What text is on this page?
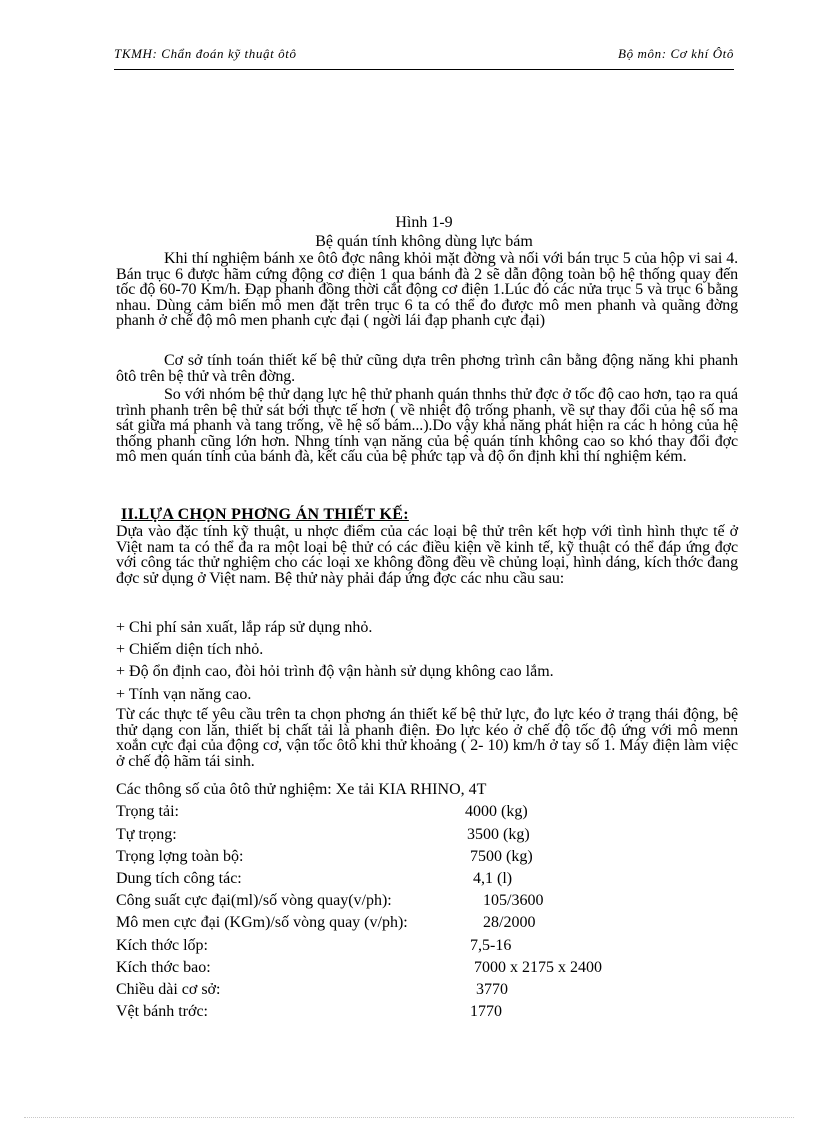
TKMH: Chẩn đoán kỹ thuật ôtô	Bộ môn: Cơ khí Ôtô
Hình 1-9
Bệ quán tính không dùng lực bám
Khi thí nghiệm bánh xe ôtô đợc nâng khỏi mặt đờng và nối với bán trục 5 của hộp vi sai 4. Bán trục 6 được hãm cứng động cơ điện 1 qua bánh đà 2 sẽ dẫn động toàn bộ hệ thống quay đến tốc độ 60-70 Km/h. Đạp phanh đồng thời cắt động cơ điện 1.Lúc đó các nửa trục 5 và trục 6 bằng nhau. Dùng cảm biến mô men đặt trên trục 6 ta có thể đo được mô men phanh và quãng đờng phanh ở chế độ mô men phanh cực đại ( ngời lái đạp phanh cực đại)
Cơ sở tính toán thiết kế bệ thử cũng dựa trên phơng trình cân bằng động năng khi phanh ôtô trên bệ thử và trên đờng.
So với nhóm bệ thử dạng lực hệ thử phanh quán thnhs thử đợc ở tốc độ cao hơn, tạo ra quá trình phanh trên bệ thử sát bới thực tế hơn ( về nhiệt độ trống phanh, về sự thay đổi của hệ số ma sát giữa má phanh và tang trống, về hệ số bám...).Do vậy khả năng phát hiện ra các h hỏng của hệ thống phanh cũng lớn hơn. Nhng tính vạn năng của bệ quán tính không cao so khó thay đổi đợc mô men quán tính của bánh đà, kết cấu của bệ phức tạp và độ ổn định khi thí nghiệm kém.
II.LỰA CHỌN PHƠNG ÁN THIẾT KẾ:
Dựa vào đặc tính kỹ thuật, u nhợc điểm của các loại bệ thử trên kết hợp với tình hình thực tế ở Việt nam ta có thể đa ra một loại bệ thử có các điều kiện về kinh tế, kỹ thuật có thể đáp ứng đợc với công tác thử nghiệm cho các loại xe không đồng đều về chủng loại, hình dáng, kích thớc đang đợc sử dụng ở Việt nam. Bệ thử này phải đáp ứng đợc các nhu cầu sau:
+ Chi phí sản xuất, lắp ráp sử dụng nhỏ.
+ Chiếm diện tích nhỏ.
+ Độ ổn định cao, đòi hỏi trình độ vận hành sử dụng không cao lắm.
+ Tính vạn năng cao.
Từ các thực tế yêu cầu trên ta chọn phơng án thiết kế bệ thử lực, đo lực kéo ở trạng thái động, bệ thử dạng con lăn, thiết bị chất tải là phanh điện. Đo lực kéo ở chế độ tốc độ ứng với mô menn xoắn cực đại của động cơ, vận tốc ôtô khi thử khoảng ( 2- 10) km/h ở tay số 1. Máy điện làm việc ở chế độ hãm tái sinh.
Các thông số của ôtô thử nghiệm: Xe tải KIA RHINO, 4T
Trọng tải:	4000 (kg)
Tự trọng:	3500 (kg)
Trọng lợng toàn bộ:	7500 (kg)
Dung tích công tác:	4,1 (l)
Công suất cực đại(ml)/số vòng quay(v/ph):	105/3600
Mô men cực đại (KGm)/số vòng quay (v/ph):	28/2000
Kích thớc lốp:	7,5-16
Kích thớc bao:	7000 x 2175 x 2400
Chiều dài cơ sở:	3770
Vệt bánh trớc:	1770
